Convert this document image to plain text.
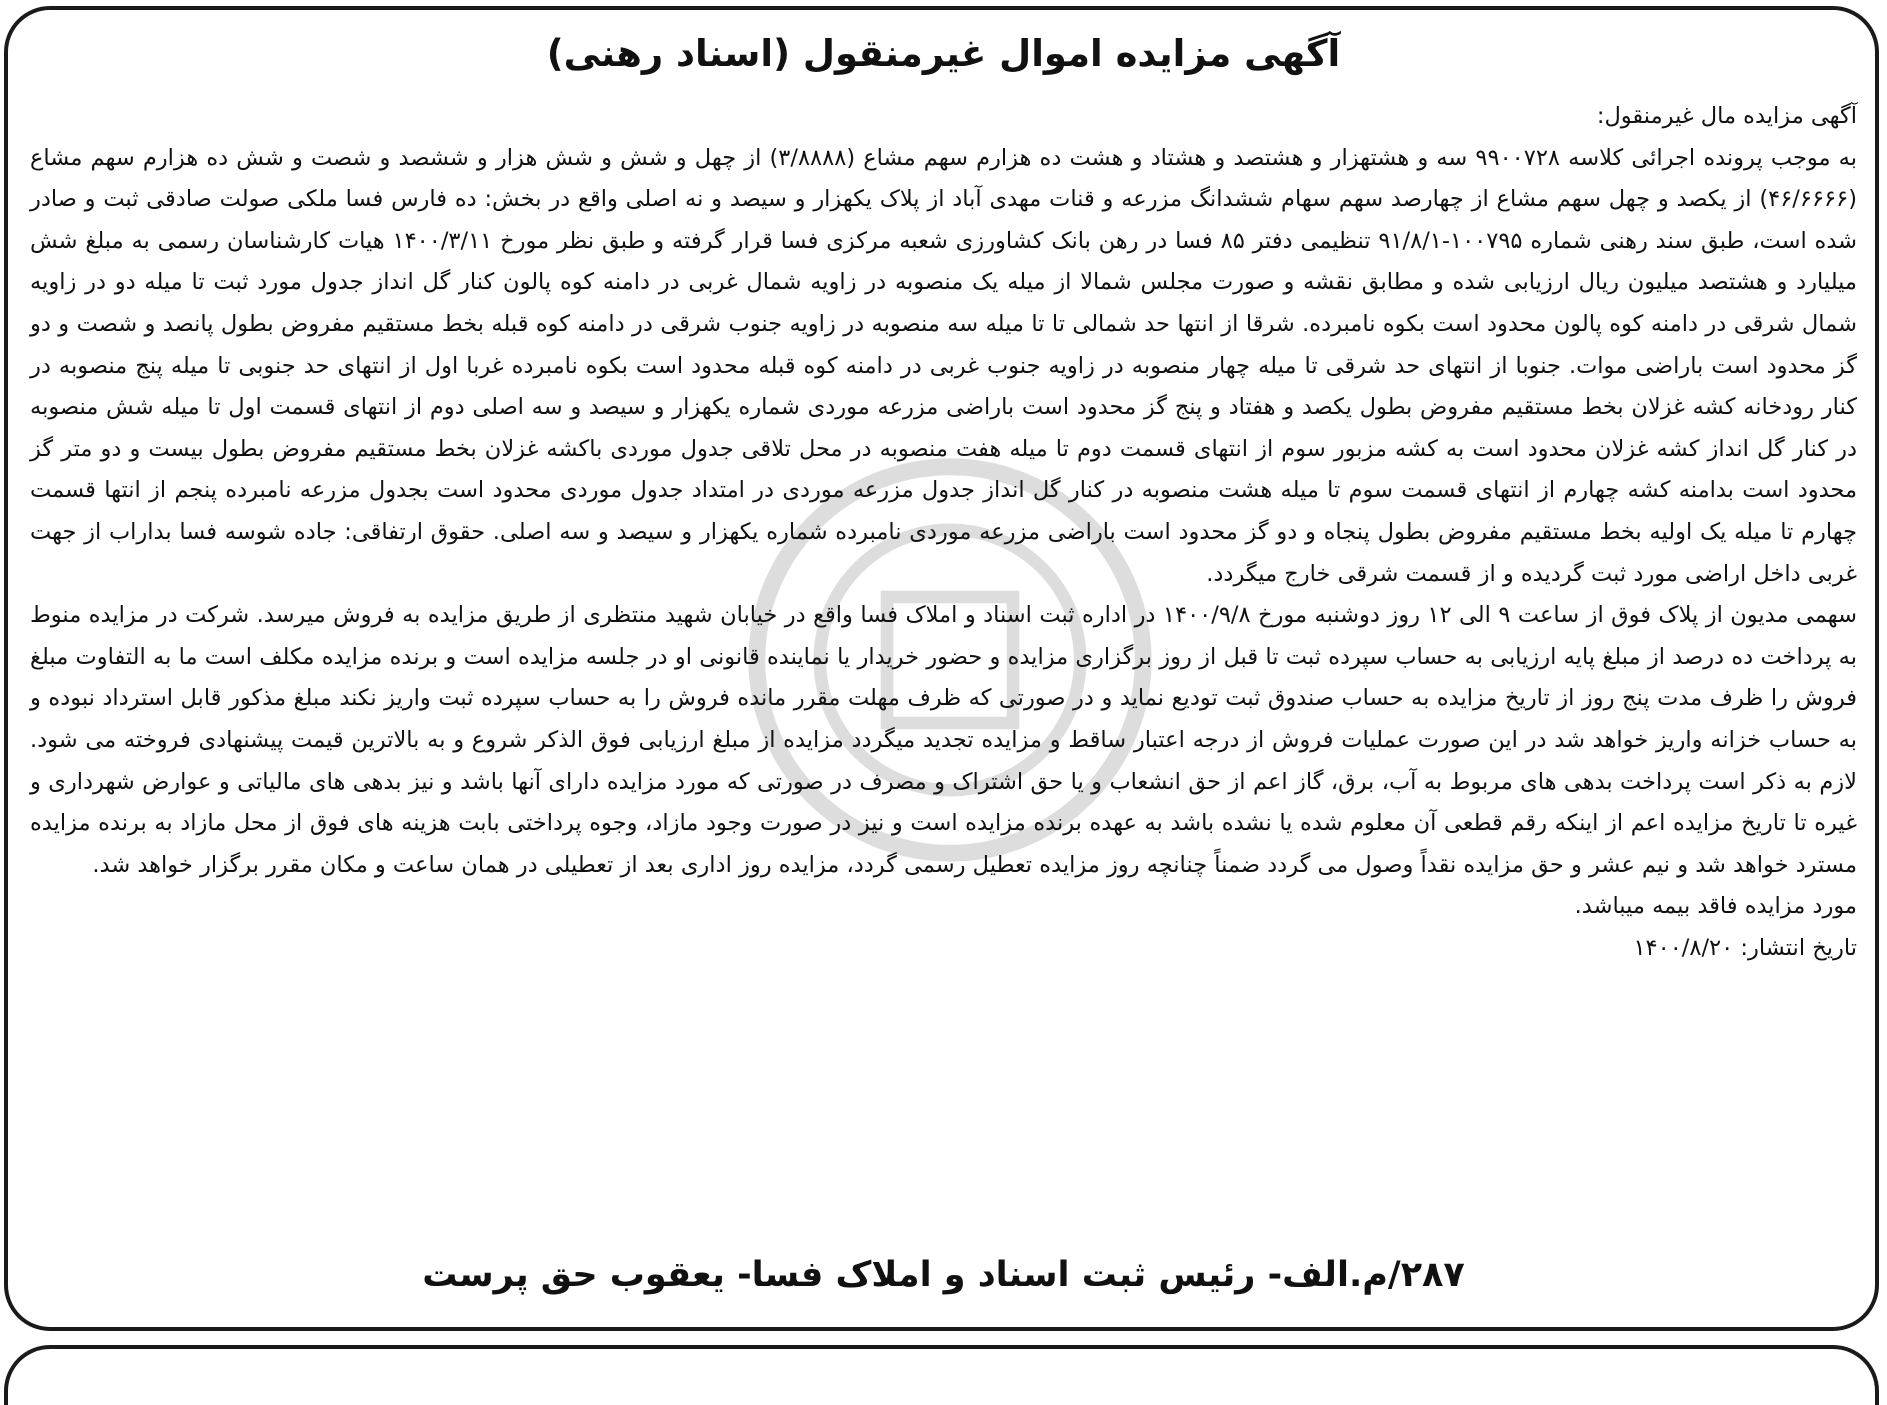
آگهی مزایده اموال غیرمنقول (اسناد رهنی)

آگهی مزایده مال غیرمنقول:

به موجب پرونده اجرائی کلاسه ۹۹۰۰۷۲۸ سه و هشتهزار و هشتصد و هشتاد و هشت ده هزارم سهم مشاع (۳/۸۸۸۸) از چهل و شش و شش هزار و ششصد و شصت و شش ده هزارم سهم مشاع (۴۶/۶۶۶۶) از یکصد و چهل سهم مشاع از چهارصد سهم سهام ششدانگ مزرعه و قنات مهدی آباد از پلاک یکهزار و سیصد و نه اصلی واقع در بخش: ده فارس فسا ملکی صولت صادقی ثبت و صادر شده است، طبق سند رهنی شماره ۱۰۰۷۹۵-۹۱/۸/۱ تنظیمی دفتر ۸۵ فسا در رهن بانک کشاورزی شعبه مرکزی فسا قرار گرفته و طبق نظر مورخ ۱۴۰۰/۳/۱۱ هیات کارشناسان رسمی به مبلغ شش میلیارد و هشتصد میلیون ریال ارزیابی شده و مطابق نقشه و صورت مجلس شمالا از میله یک منصوبه در زاویه شمال غربی در دامنه کوه پالون کنار گل انداز جدول مورد ثبت تا میله دو در زاویه شمال شرقی در دامنه کوه پالون محدود است بکوه نامبرده. شرقا از انتها حد شمالی تا تا میله سه منصوبه در زاویه جنوب شرقی در دامنه کوه قبله بخط مستقیم مفروض بطول پانصد و شصت و دو گز محدود است باراضی موات. جنوبا از انتهای حد شرقی تا میله چهار منصوبه در زاویه جنوب غربی در دامنه کوه قبله محدود است بکوه نامبرده غربا اول از انتهای حد جنوبی تا میله پنج منصوبه در کنار رودخانه کشه غزلان بخط مستقیم مفروض بطول یکصد و هفتاد و پنج گز محدود است باراضی مزرعه موردی شماره یکهزار و سیصد و سه اصلی دوم از انتهای قسمت اول تا میله شش منصوبه در کنار گل انداز کشه غزلان محدود است به کشه مزبور سوم از انتهای قسمت دوم تا میله هفت منصوبه در محل تلاقی جدول موردی باکشه غزلان بخط مستقیم مفروض بطول بیست و دو متر گز محدود است بدامنه کشه چهارم از انتهای قسمت سوم تا میله هشت منصوبه در کنار گل انداز جدول مزرعه موردی در امتداد جدول موردی محدود است بجدول مزرعه نامبرده پنجم از انتها قسمت چهارم تا میله یک اولیه بخط مستقیم مفروض بطول پنجاه و دو گز محدود است باراضی مزرعه موردی نامبرده شماره یکهزار و سیصد و سه اصلی. حقوق ارتفاقی: جاده شوسه فسا بداراب از جهت غربی داخل اراضی مورد ثبت گردیده و از قسمت شرقی خارج میگردد.

سهمی مدیون از پلاک فوق از ساعت ۹ الی ۱۲ روز دوشنبه مورخ ۱۴۰۰/۹/۸ در اداره ثبت اسناد و املاک فسا واقع در خیابان شهید منتظری از طریق مزایده به فروش میرسد. شرکت در مزایده منوط به پرداخت ده درصد از مبلغ پایه ارزیابی به حساب سپرده ثبت تا قبل از روز برگزاری مزایده و حضور خریدار یا نماینده قانونی او در جلسه مزایده است و برنده مزایده مکلف است ما به التفاوت مبلغ فروش را ظرف مدت پنج روز از تاریخ مزایده به حساب صندوق ثبت تودیع نماید و در صورتی که ظرف مهلت مقرر مانده فروش را به حساب سپرده ثبت واریز نکند مبلغ مذکور قابل استرداد نبوده و به حساب خزانه واریز خواهد شد در این صورت عملیات فروش از درجه اعتبار ساقط و مزایده تجدید میگردد مزایده از مبلغ ارزیابی فوق الذکر شروع و به بالاترین قیمت پیشنهادی فروخته می شود. لازم به ذکر است پرداخت بدهی های مربوط به آب، برق، گاز اعم از حق انشعاب و یا حق اشتراک و مصرف در صورتی که مورد مزایده دارای آنها باشد و نیز بدهی های مالیاتی و عوارض شهرداری و غیره تا تاریخ مزایده اعم از اینکه رقم قطعی آن معلوم شده یا نشده باشد به عهده برنده مزایده است و نیز در صورت وجود مازاد، وجوه پرداختی بابت هزینه های فوق از محل مازاد به برنده مزایده مسترد خواهد شد و نیم عشر و حق مزایده نقداً وصول می گردد ضمناً چنانچه روز مزایده تعطیل رسمی گردد، مزایده روز اداری بعد از تعطیلی در همان ساعت و مکان مقرر برگزار خواهد شد.

مورد مزایده فاقد بیمه میباشد.

تاریخ انتشار: ۱۴۰۰/۸/۲۰

۲۸۷/م.الف- رئیس ثبت اسناد و املاک فسا- یعقوب حق پرست
